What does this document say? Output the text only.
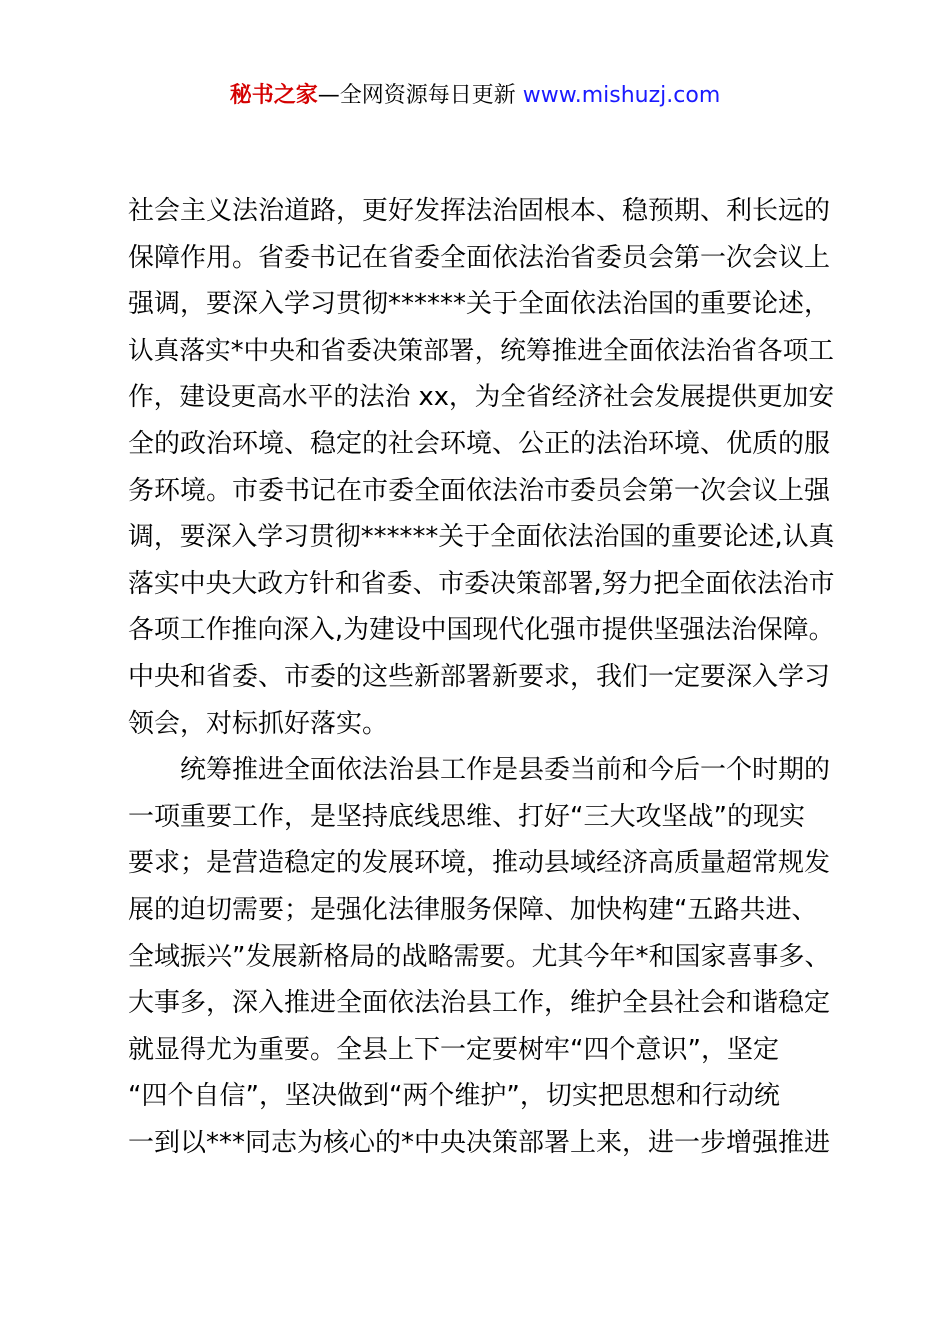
秘书之家—全网资源每日更新 www.mishuzj.com
社会主义法治道路，更好发挥法治固根本、稳预期、利长远的
保障作用。省委书记在省委全面依法治省委员会第一次会议上
强调，要深入学习贯彻******关于全面依法治国的重要论述，
认真落实*中央和省委决策部署，统筹推进全面依法治省各项工
作，建设更高水平的法治 xx，为全省经济社会发展提供更加安
全的政治环境、稳定的社会环境、公正的法治环境、优质的服
务环境。市委书记在市委全面依法治市委员会第一次会议上强
调，要深入学习贯彻******关于全面依法治国的重要论述,认真
落实中央大政方针和省委、市委决策部署,努力把全面依法治市
各项工作推向深入,为建设中国现代化强市提供坚强法治保障。
中央和省委、市委的这些新部署新要求，我们一定要深入学习
领会，对标抓好落实。
统筹推进全面依法治县工作是县委当前和今后一个时期的
一项重要工作，是坚持底线思维、打好“三大攻坚战”的现实
要求；是营造稳定的发展环境，推动县域经济高质量超常规发
展的迫切需要；是强化法律服务保障、加快构建“五路共进、
全域振兴”发展新格局的战略需要。尤其今年*和国家喜事多、
大事多，深入推进全面依法治县工作，维护全县社会和谐稳定
就显得尤为重要。全县上下一定要树牢“四个意识”，坚定
“四个自信”，坚决做到“两个维护”，切实把思想和行动统
一到以***同志为核心的*中央决策部署上来，进一步增强推进
